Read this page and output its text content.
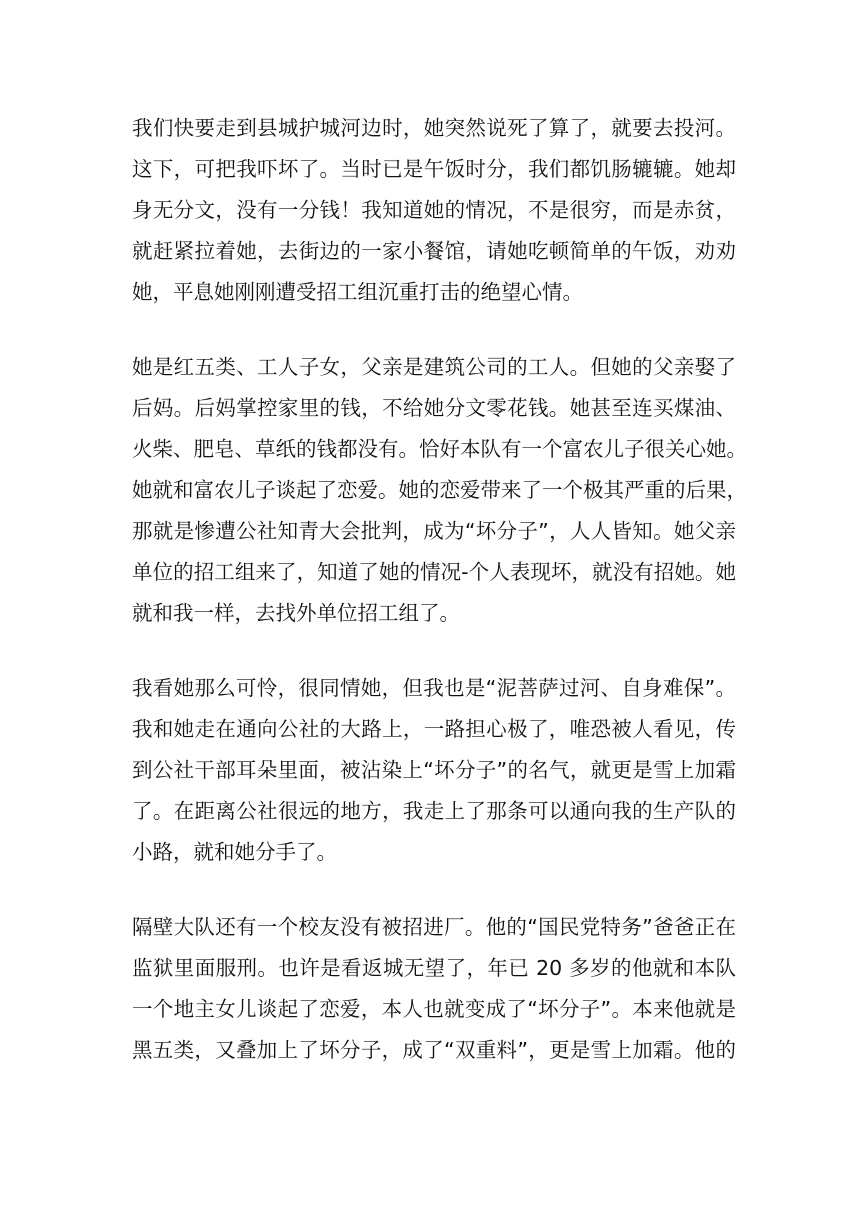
我们快要走到县城护城河边时，她突然说死了算了，就要去投河。
这下，可把我吓坏了。当时已是午饭时分，我们都饥肠辘辘。她却
身无分文，没有一分钱！我知道她的情况，不是很穷，而是赤贫，
就赶紧拉着她，去街边的一家小餐馆，请她吃顿简单的午饭，劝劝
她，平息她刚刚遭受招工组沉重打击的绝望心情。

她是红五类、工人子女，父亲是建筑公司的工人。但她的父亲娶了
后妈。后妈掌控家里的钱，不给她分文零花钱。她甚至连买煤油、
火柴、肥皂、草纸的钱都没有。恰好本队有一个富农儿子很关心她。
她就和富农儿子谈起了恋爱。她的恋爱带来了一个极其严重的后果，
那就是惨遭公社知青大会批判，成为“坏分子”，人人皆知。她父亲
单位的招工组来了，知道了她的情况-个人表现坏，就没有招她。她
就和我一样，去找外单位招工组了。

我看她那么可怜，很同情她，但我也是“泥菩萨过河、自身难保”。
我和她走在通向公社的大路上，一路担心极了，唯恐被人看见，传
到公社干部耳朵里面，被沾染上“坏分子”的名气，就更是雪上加霜
了。在距离公社很远的地方，我走上了那条可以通向我的生产队的
小路，就和她分手了。

隔壁大队还有一个校友没有被招进厂。他的“国民党特务”爸爸正在
监狱里面服刑。也许是看返城无望了，年已 20 多岁的他就和本队
一个地主女儿谈起了恋爱，本人也就变成了“坏分子”。本来他就是
黑五类，又叠加上了坏分子，成了“双重料”，更是雪上加霜。他的
